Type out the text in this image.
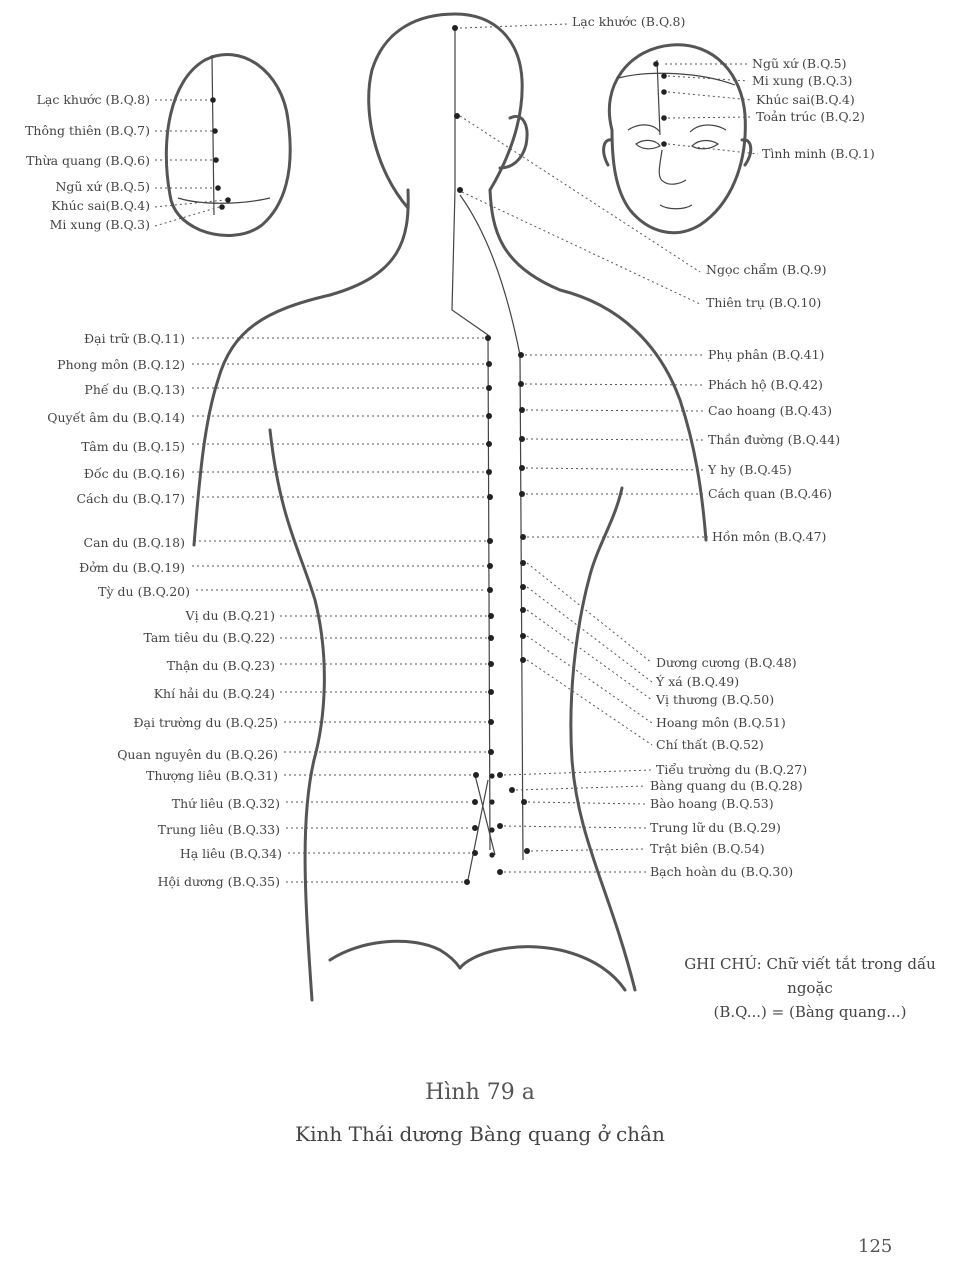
Lạc khước (B.Q.8)
Lạc khước (B.Q.8)
Thông thiên (B.Q.7)
Thừa quang (B.Q.6)
Ngũ xứ (B.Q.5)
Khúc sai(B.Q.4)
Mi xung (B.Q.3)
Ngũ xứ (B.Q.5)
Mi xung (B.Q.3)
Khúc sai(B.Q.4)
Toản trúc (B.Q.2)
Tình minh (B.Q.1)
Ngọc chẩm (B.Q.9)
Thiên trụ (B.Q.10)
Đại trữ (B.Q.11)
Phong môn (B.Q.12)
Phế du (B.Q.13)
Quyết âm du (B.Q.14)
Tâm du (B.Q.15)
Đốc du (B.Q.16)
Cách du (B.Q.17)
Can du (B.Q.18)
Đởm du (B.Q.19)
Tỳ du (B.Q.20)
Vị du (B.Q.21)
Tam tiêu du (B.Q.22)
Thận du (B.Q.23)
Khí hải du (B.Q.24)
Đại trường du (B.Q.25)
Quan nguyên du (B.Q.26)
Thượng liêu (B.Q.31)
Thứ liêu (B.Q.32)
Trung liêu (B.Q.33)
Hạ liêu (B.Q.34)
Hội dương (B.Q.35)
Phụ phân (B.Q.41)
Phách hộ (B.Q.42)
Cao hoang (B.Q.43)
Thần đường (B.Q.44)
Y hy (B.Q.45)
Cách quan (B.Q.46)
Hồn môn (B.Q.47)
Dương cương (B.Q.48)
Ý xá (B.Q.49)
Vị thương (B.Q.50)
Hoang môn (B.Q.51)
Chí thất (B.Q.52)
Tiểu trường du (B.Q.27)
Bàng quang du (B.Q.28)
Bào hoang (B.Q.53)
Trung lữ du (B.Q.29)
Trật biên (B.Q.54)
Bạch hoàn du (B.Q.30)
GHI CHÚ: Chữ viết tắt trong dấu ngoặc
(B.Q...) = (Bàng quang...)
Hình 79 a
Kinh Thái dương Bàng quang ở chân
125
